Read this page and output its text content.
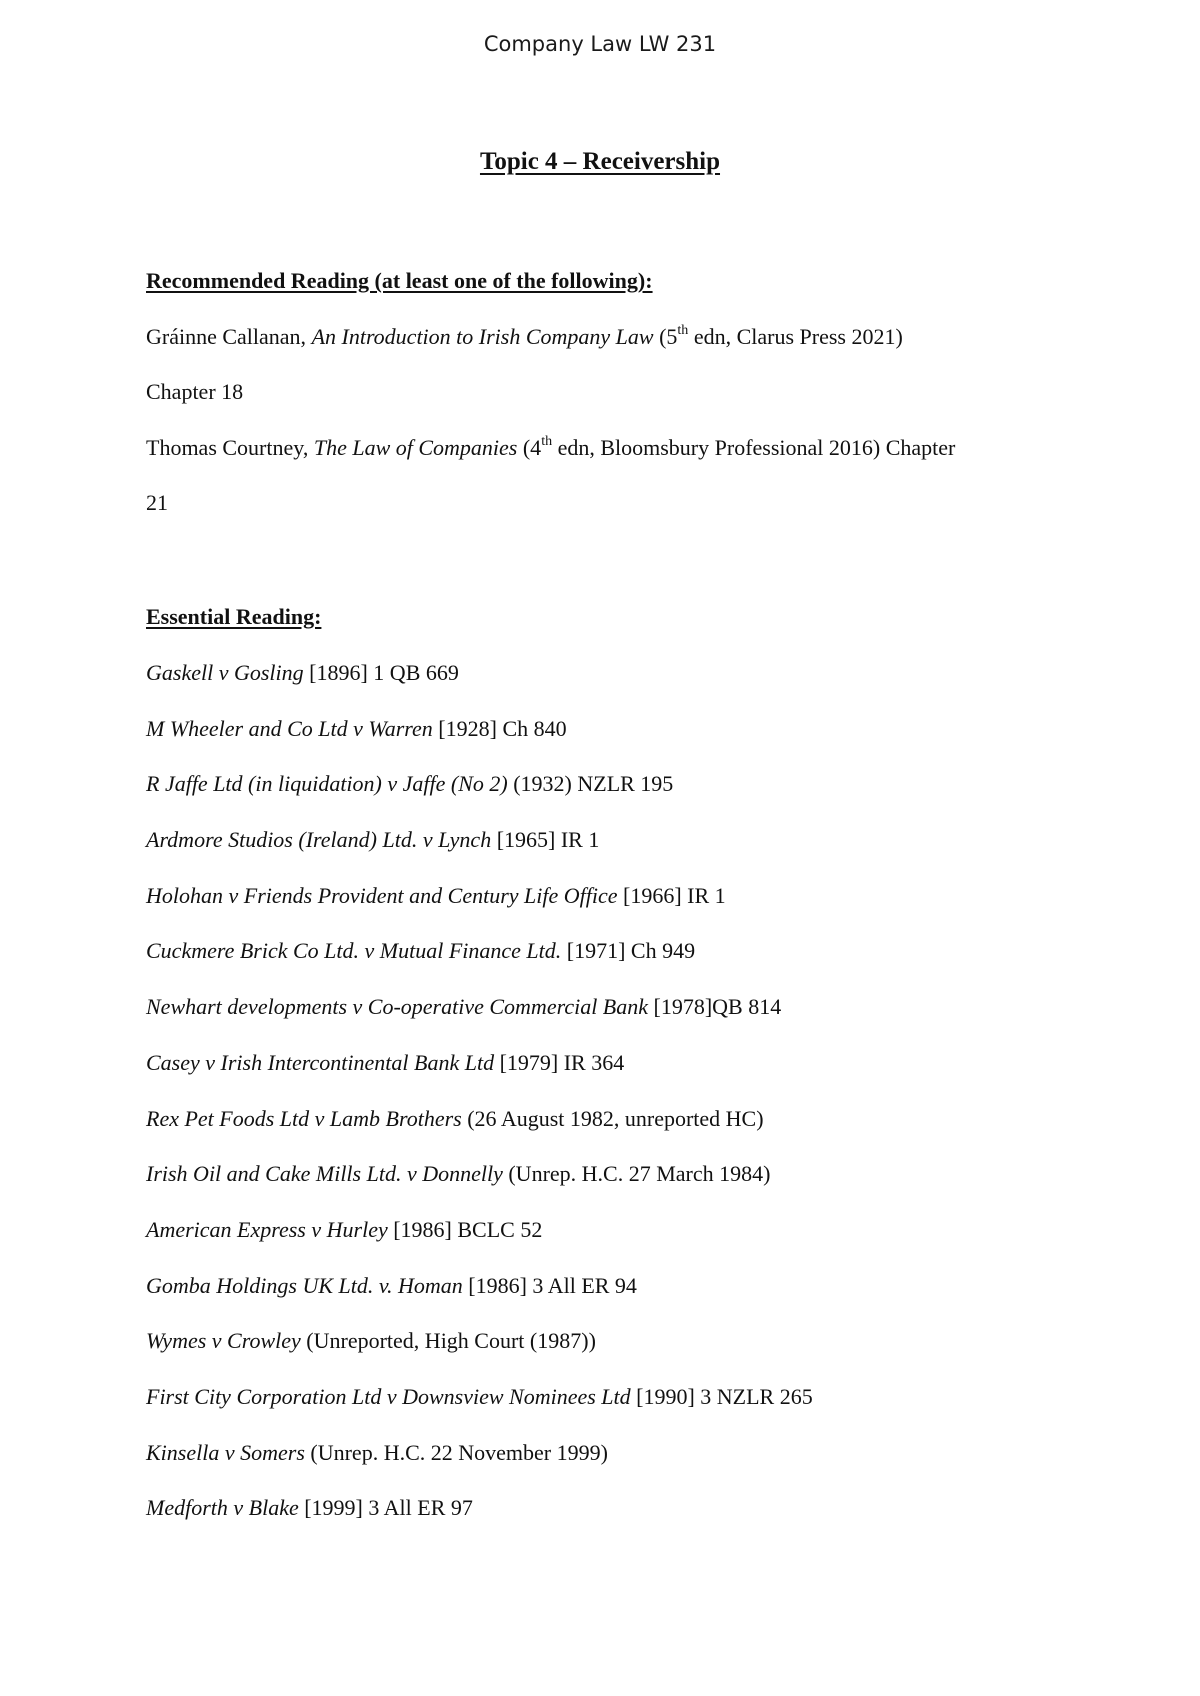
Company Law LW 231
Topic 4 – Receivership
Recommended Reading (at least one of the following):
Gráinne Callanan, An Introduction to Irish Company Law (5th edn, Clarus Press 2021)
Chapter 18
Thomas Courtney, The Law of Companies (4th edn, Bloomsbury Professional 2016) Chapter
21
Essential Reading:
Gaskell v Gosling [1896] 1 QB 669
M Wheeler and Co Ltd v Warren [1928] Ch 840
R Jaffe Ltd (in liquidation) v Jaffe (No 2) (1932) NZLR 195
Ardmore Studios (Ireland) Ltd. v Lynch [1965] IR 1
Holohan v Friends Provident and Century Life Office [1966] IR 1
Cuckmere Brick Co Ltd. v Mutual Finance Ltd. [1971] Ch 949
Newhart developments v Co-operative Commercial Bank [1978]QB 814
Casey v Irish Intercontinental Bank Ltd [1979] IR 364
Rex Pet Foods Ltd v Lamb Brothers (26 August 1982, unreported HC)
Irish Oil and Cake Mills Ltd. v Donnelly (Unrep. H.C. 27 March 1984)
American Express v Hurley [1986] BCLC 52
Gomba Holdings UK Ltd. v. Homan [1986] 3 All ER 94
Wymes v Crowley (Unreported, High Court (1987))
First City Corporation Ltd v Downsview Nominees Ltd [1990] 3 NZLR 265
Kinsella v Somers (Unrep. H.C. 22 November 1999)
Medforth v Blake [1999] 3 All ER 97
